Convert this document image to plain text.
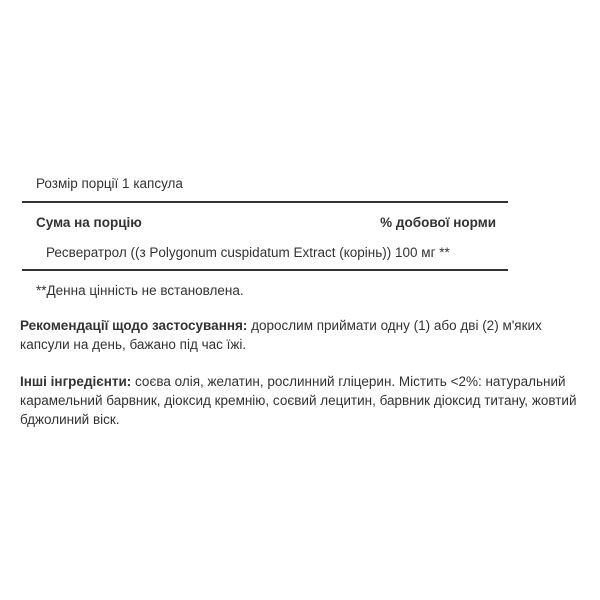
Розмір порції 1 капсула
Сума на порцію	% добової норми
Ресвератрол ((з Polygonum cuspidatum Extract (корінь)) 100 мг **
**Денна цінність не встановлена.
Рекомендації щодо застосування: дорослим приймати одну (1) або дві (2) м'яких капсули на день, бажано під час їжі.
Інші інгредієнти: соєва олія, желатин, рослинний гліцерин. Містить <2%: натуральний карамельний барвник, діоксид кремнію, соєвий лецитин, барвник діоксид титану, жовтий бджолиний віск.
